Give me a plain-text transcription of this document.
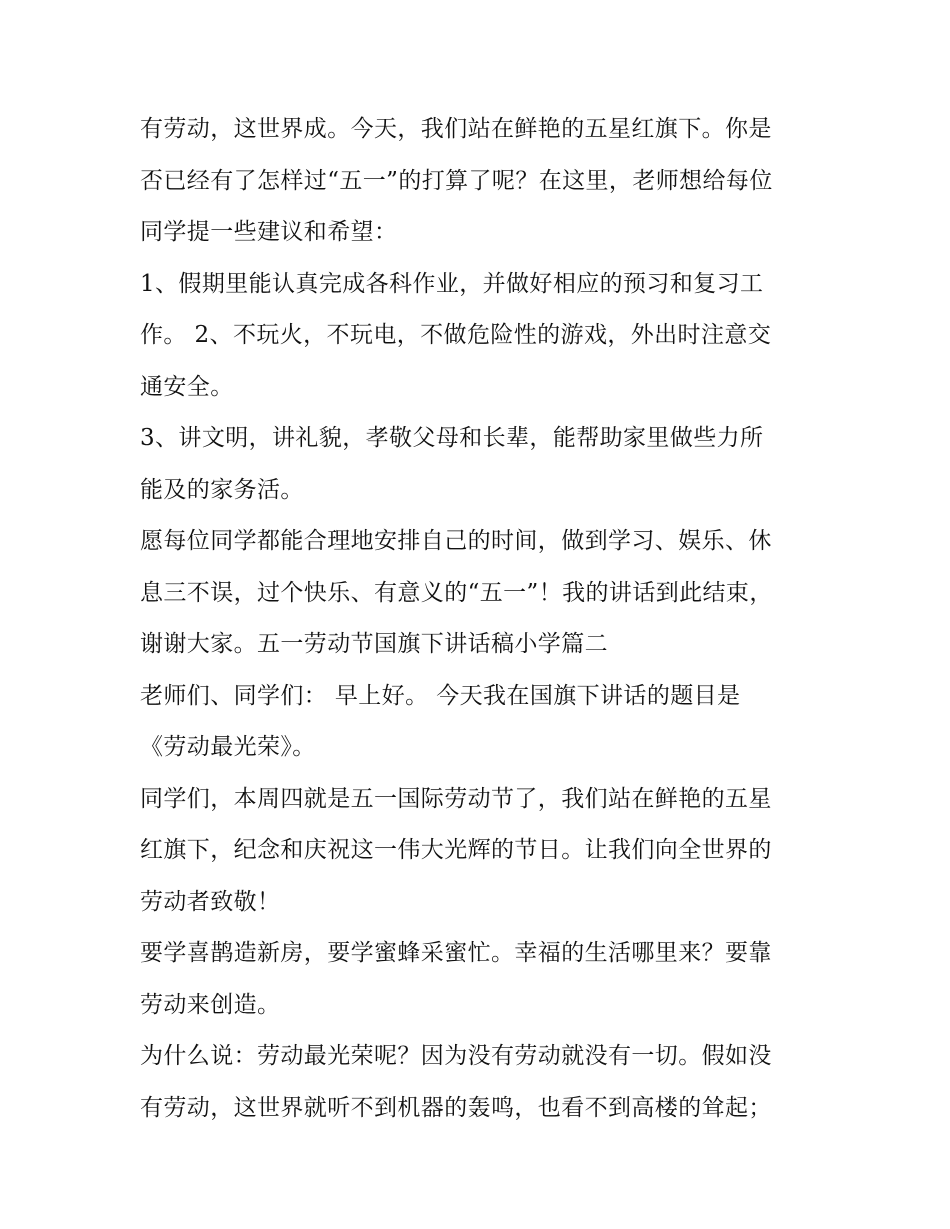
有劳动，这世界成。今天，我们站在鲜艳的五星红旗下。你是
否已经有了怎样过“五一”的打算了呢？在这里，老师想给每位
同学提一些建议和希望：
1、假期里能认真完成各科作业，并做好相应的预习和复习工
作。 2、不玩火，不玩电，不做危险性的游戏，外出时注意交
通安全。
3、讲文明，讲礼貌，孝敬父母和长辈，能帮助家里做些力所
能及的家务活。
愿每位同学都能合理地安排自己的时间，做到学习、娱乐、休
息三不误，过个快乐、有意义的“五一”！我的讲话到此结束，
谢谢大家。五一劳动节国旗下讲话稿小学篇二
老师们、同学们： 早上好。 今天我在国旗下讲话的题目是
《劳动最光荣》。
同学们，本周四就是五一国际劳动节了，我们站在鲜艳的五星
红旗下，纪念和庆祝这一伟大光辉的节日。让我们向全世界的
劳动者致敬！
要学喜鹊造新房，要学蜜蜂采蜜忙。幸福的生活哪里来？要靠
劳动来创造。
为什么说：劳动最光荣呢？因为没有劳动就没有一切。假如没
有劳动，这世界就听不到机器的轰鸣，也看不到高楼的耸起；
